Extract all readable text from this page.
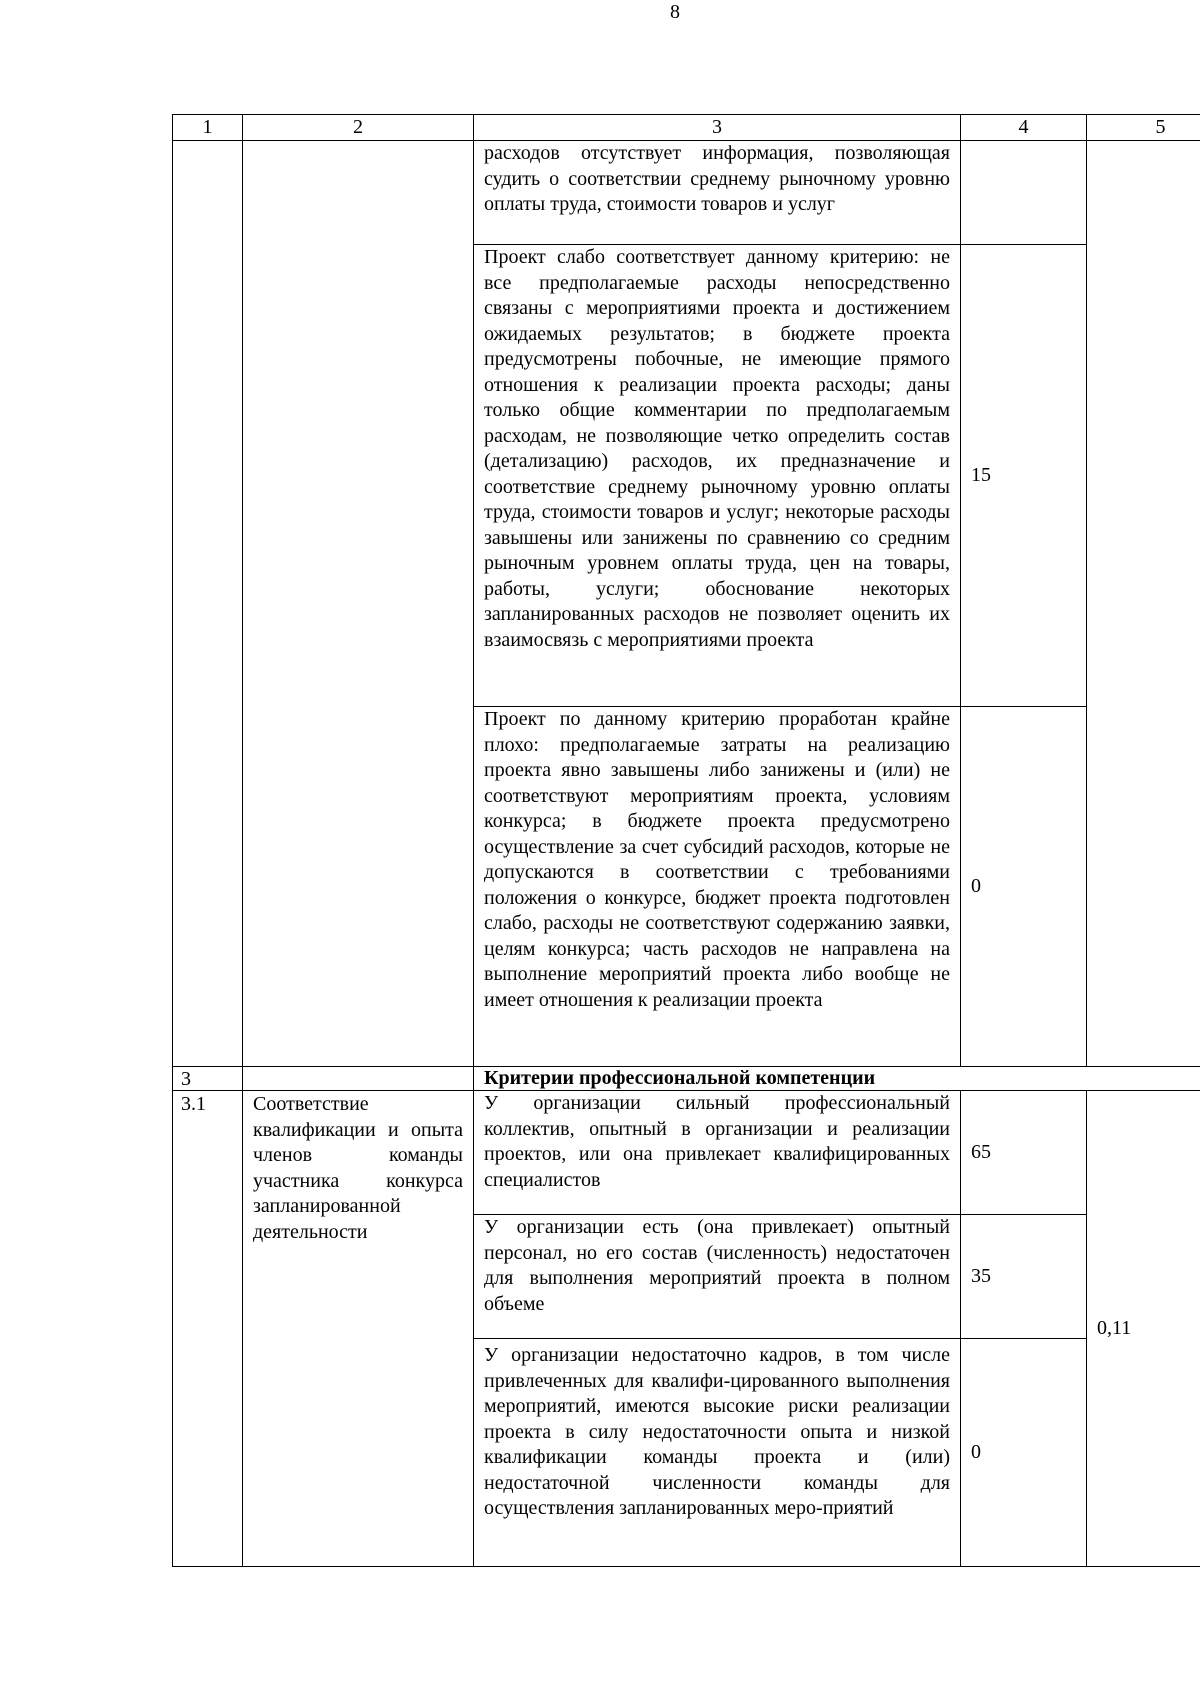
8
1	2	3	4	5
		расходов отсутствует информация, позволяющая судить о соответствии среднему рыночному уровню оплаты труда, стоимости товаров и услуг		
		Проект слабо соответствует данному критерию: не все предполагаемые расходы непосредственно связаны с мероприятиями проекта и достижением ожидаемых результатов; в бюджете проекта предусмотрены побочные, не имеющие прямого отношения к реализации проекта расходы; даны только общие комментарии по предполагаемым расходам, не позволяющие четко определить состав (детализацию) расходов, их предназначение и соответствие среднему рыночному уровню оплаты труда, стоимости товаров и услуг; некоторые расходы завышены или занижены по сравнению со средним рыночным уровнем оплаты труда, цен на товары, работы, услуги; обоснование некоторых запланированных расходов не позволяет оценить их взаимосвязь с мероприятиями проекта	15	
		Проект по данному критерию проработан крайне плохо: предполагаемые затраты на реализацию проекта явно завышены либо занижены и (или) не соответствуют мероприятиям проекта, условиям конкурса; в бюджете проекта предусмотрено осуществление за счет субсидий расходов, которые не допускаются в соответствии с требованиями положения о конкурсе, бюджет проекта подготовлен слабо, расходы не соответствуют содержанию заявки, целям конкурса; часть расходов не направлена на выполнение мероприятий проекта либо вообще не имеет отношения к реализации проекта	0	
3		Критерии профессиональной компетенции		
3.1	Соответствие квалификации и опыта членов команды участника конкурса запланированной деятельности	У организации сильный профессиональный коллектив, опытный в организации и реализации проектов, или она привлекает квалифицированных специалистов	65	0,11
		У организации есть (она привлекает) опытный персонал, но его состав (численность) недостаточен для выполнения мероприятий проекта в полном объеме	35	
		У организации недостаточно кадров, в том числе привлеченных для квалифи-цированного выполнения мероприятий, имеются высокие риски реализации проекта в силу недостаточности опыта и низкой квалификации команды проекта и (или) недостаточной численности команды для осуществления запланированных меро-приятий	0	
